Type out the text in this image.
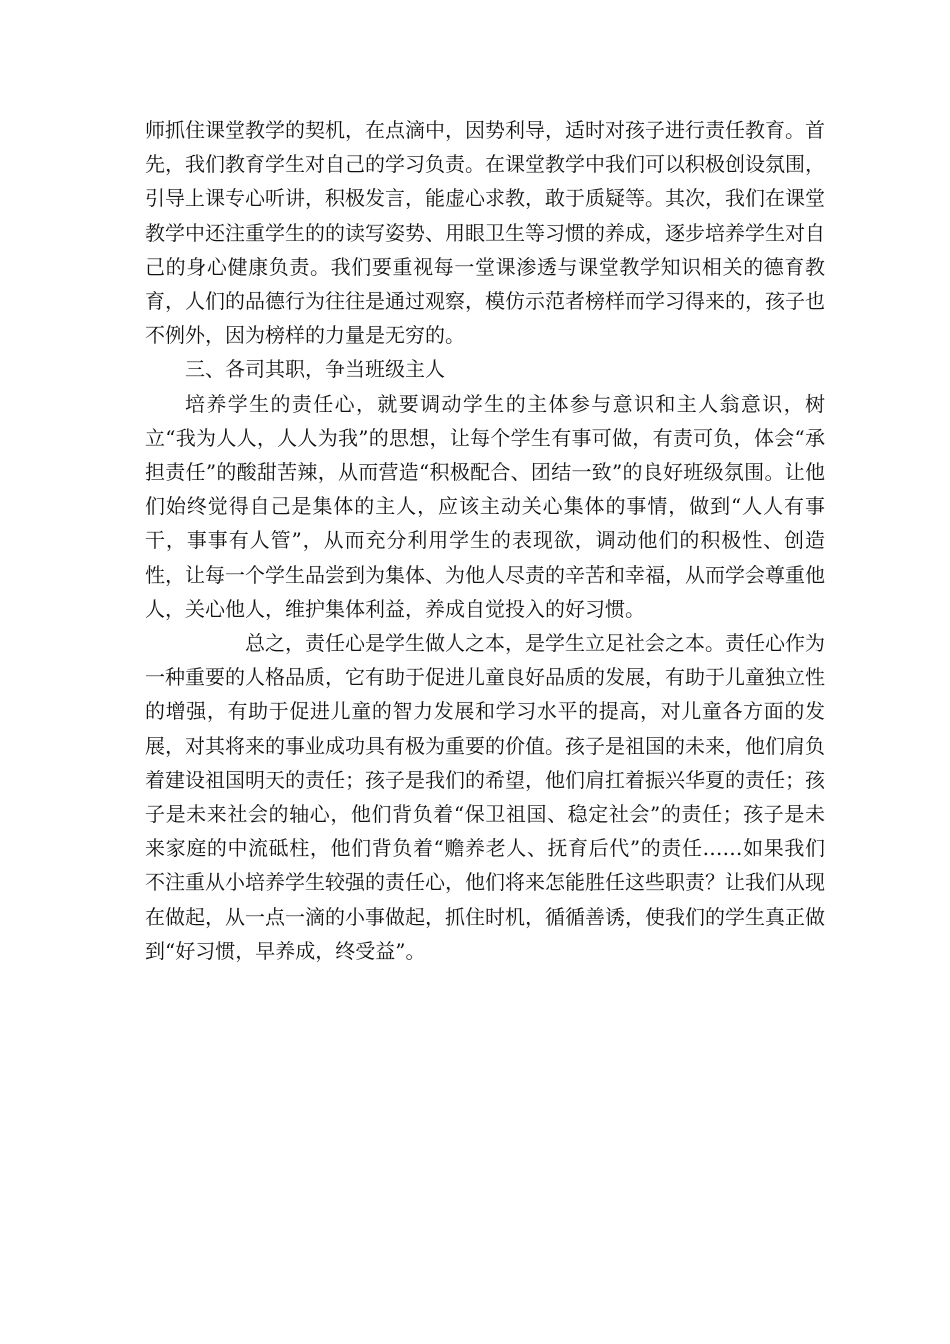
师抓住课堂教学的契机，在点滴中，因势利导，适时对孩子进行责任教育。首先，我们教育学生对自己的学习负责。在课堂教学中我们可以积极创设氛围，引导上课专心听讲，积极发言，能虚心求教，敢于质疑等。其次，我们在课堂教学中还注重学生的的读写姿势、用眼卫生等习惯的养成，逐步培养学生对自己的身心健康负责。我们要重视每一堂课渗透与课堂教学知识相关的德育教育，人们的品德行为往往是通过观察，模仿示范者榜样而学习得来的，孩子也不例外，因为榜样的力量是无穷的。

三、各司其职，争当班级主人

培养学生的责任心，就要调动学生的主体参与意识和主人翁意识，树立“我为人人，人人为我”的思想，让每个学生有事可做，有责可负，体会“承担责任”的酸甜苦辣，从而营造“积极配合、团结一致”的良好班级氛围。让他们始终觉得自己是集体的主人，应该主动关心集体的事情，做到“人人有事干，事事有人管”，从而充分利用学生的表现欲，调动他们的积极性、创造性，让每一个学生品尝到为集体、为他人尽责的辛苦和幸福，从而学会尊重他人，关心他人，维护集体利益，养成自觉投入的好习惯。

总之，责任心是学生做人之本，是学生立足社会之本。责任心作为一种重要的人格品质，它有助于促进儿童良好品质的发展，有助于儿童独立性的增强，有助于促进儿童的智力发展和学习水平的提高，对儿童各方面的发展，对其将来的事业成功具有极为重要的价值。孩子是祖国的未来，他们肩负着建设祖国明天的责任；孩子是我们的希望，他们肩扛着振兴华夏的责任；孩子是未来社会的轴心，他们背负着“保卫祖国、稳定社会”的责任；孩子是未来家庭的中流砥柱，他们背负着“赡养老人、抚育后代”的责任……如果我们不注重从小培养学生较强的责任心，他们将来怎能胜任这些职责？让我们从现在做起，从一点一滴的小事做起，抓住时机，循循善诱，使我们的学生真正做到“好习惯，早养成，终受益”。
